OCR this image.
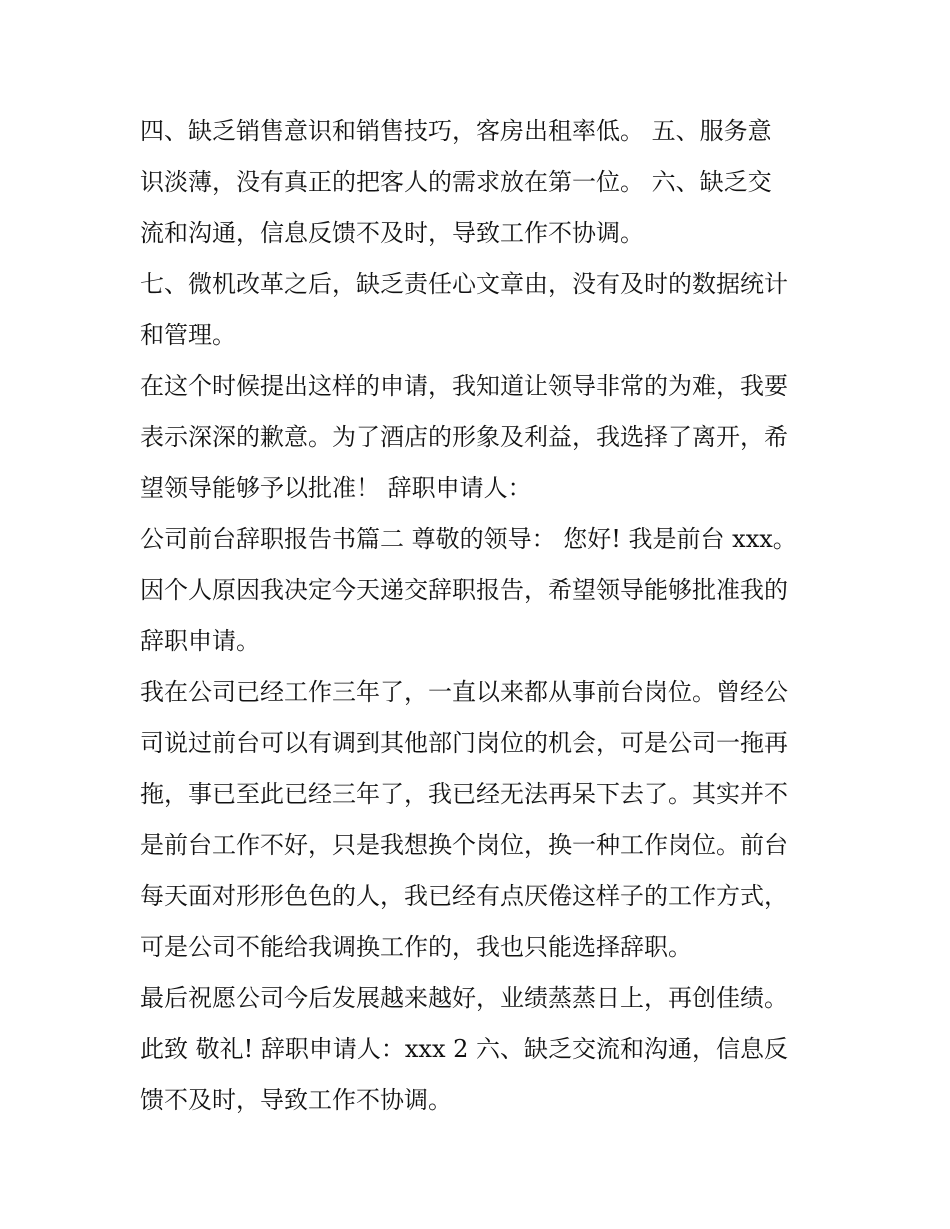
四、缺乏销售意识和销售技巧，客房出租率低。 五、服务意
识淡薄，没有真正的把客人的需求放在第一位。 六、缺乏交
流和沟通，信息反馈不及时，导致工作不协调。

七、微机改革之后，缺乏责任心文章由，没有及时的数据统计
和管理。

在这个时候提出这样的申请，我知道让领导非常的为难，我要
表示深深的歉意。为了酒店的形象及利益，我选择了离开，希
望领导能够予以批准！ 辞职申请人：

公司前台辞职报告书篇二 尊敬的领导： 您好! 我是前台 xxx。
因个人原因我决定今天递交辞职报告，希望领导能够批准我的
辞职申请。

我在公司已经工作三年了，一直以来都从事前台岗位。曾经公
司说过前台可以有调到其他部门岗位的机会，可是公司一拖再
拖，事已至此已经三年了，我已经无法再呆下去了。其实并不
是前台工作不好，只是我想换个岗位，换一种工作岗位。前台
每天面对形形色色的人，我已经有点厌倦这样子的工作方式，
可是公司不能给我调换工作的，我也只能选择辞职。

最后祝愿公司今后发展越来越好，业绩蒸蒸日上，再创佳绩。
此致 敬礼! 辞职申请人：xxx 2 六、缺乏交流和沟通，信息反
馈不及时，导致工作不协调。
